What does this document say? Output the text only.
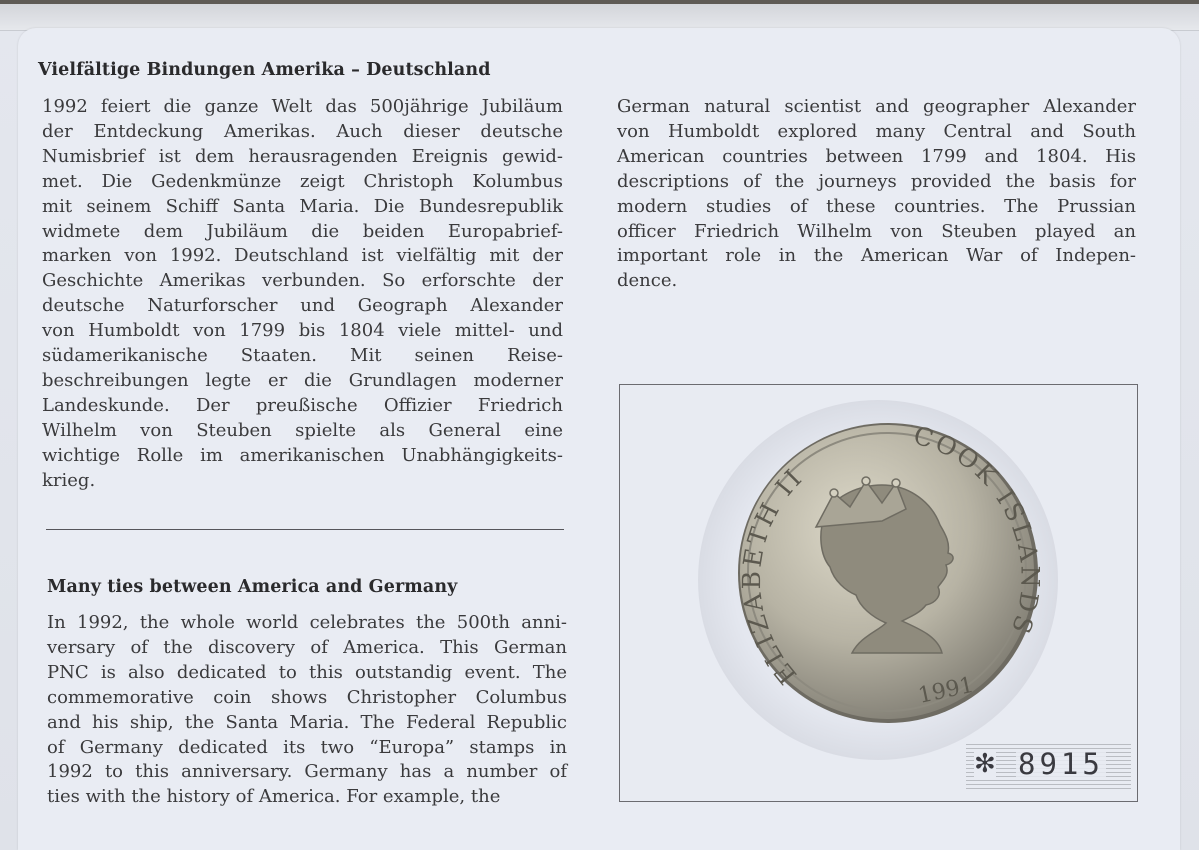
Vielfältige Bindungen Amerika – Deutschland
1992 feiert die ganze Welt das 500jährige Jubiläum
der Entdeckung Amerikas. Auch dieser deutsche
Numisbrief ist dem herausragenden Ereignis gewid-
met. Die Gedenkmünze zeigt Christoph Kolumbus
mit seinem Schiff Santa Maria. Die Bundesrepublik
widmete dem Jubiläum die beiden Europabrief-
marken von 1992. Deutschland ist vielfältig mit der
Geschichte Amerikas verbunden. So erforschte der
deutsche Naturforscher und Geograph Alexander
von Humboldt von 1799 bis 1804 viele mittel- und
südamerikanische Staaten. Mit seinen Reise-
beschreibungen legte er die Grundlagen moderner
Landeskunde. Der preußische Offizier Friedrich
Wilhelm von Steuben spielte als General eine
wichtige Rolle im amerikanischen Unabhängigkeits-
krieg.
Many ties between America and Germany
In 1992, the whole world celebrates the 500th anni-
versary of the discovery of America. This German
PNC is also dedicated to this outstandig event. The
commemorative coin shows Christopher Columbus
and his ship, the Santa Maria. The Federal Republic
of Germany dedicated its two “Europa” stamps in
1992 to this anniversary. Germany has a number of
ties with the history of America. For example, the
German natural scientist and geographer Alexander
von Humboldt explored many Central and South
American countries between 1799 and 1804. His
descriptions of the journeys provided the basis for
modern studies of these countries. The Prussian
officer Friedrich Wilhelm von Steuben played an
important role in the American War of Indepen-
dence.
ELIZABETH II
COOK ISLANDS
1991
✻ 8915
